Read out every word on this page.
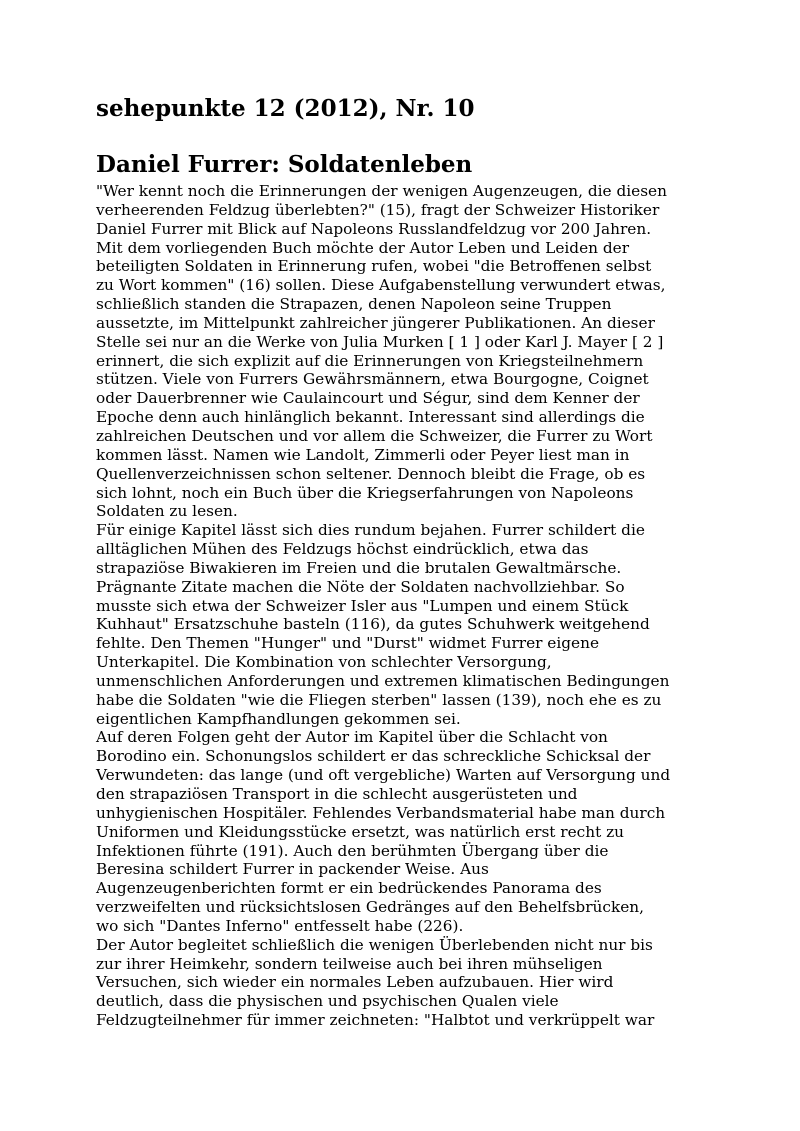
sehepunkte 12 (2012), Nr. 10
Daniel Furrer: Soldatenleben

"Wer kennt noch die Erinnerungen der wenigen Augenzeugen, die diesen
verheerenden Feldzug überlebten?" (15), fragt der Schweizer Historiker
Daniel Furrer mit Blick auf Napoleons Russlandfeldzug vor 200 Jahren.
Mit dem vorliegenden Buch möchte der Autor Leben und Leiden der
beteiligten Soldaten in Erinnerung rufen, wobei "die Betroffenen selbst
zu Wort kommen" (16) sollen. Diese Aufgabenstellung verwundert etwas,
schließlich standen die Strapazen, denen Napoleon seine Truppen
aussetzte, im Mittelpunkt zahlreicher jüngerer Publikationen. An dieser
Stelle sei nur an die Werke von Julia Murken [ 1 ] oder Karl J. Mayer [ 2 ]
erinnert, die sich explizit auf die Erinnerungen von Kriegsteilnehmern
stützen. Viele von Furrers Gewährsmännern, etwa Bourgogne, Coignet
oder Dauerbrenner wie Caulaincourt und Ségur, sind dem Kenner der
Epoche denn auch hinlänglich bekannt. Interessant sind allerdings die
zahlreichen Deutschen und vor allem die Schweizer, die Furrer zu Wort
kommen lässt. Namen wie Landolt, Zimmerli oder Peyer liest man in
Quellenverzeichnissen schon seltener. Dennoch bleibt die Frage, ob es
sich lohnt, noch ein Buch über die Kriegserfahrungen von Napoleons
Soldaten zu lesen.

Für einige Kapitel lässt sich dies rundum bejahen. Furrer schildert die
alltäglichen Mühen des Feldzugs höchst eindrücklich, etwa das
strapaziöse Biwakieren im Freien und die brutalen Gewaltmärsche.
Prägnante Zitate machen die Nöte der Soldaten nachvollziehbar. So
musste sich etwa der Schweizer Isler aus "Lumpen und einem Stück
Kuhhaut" Ersatzschuhe basteln (116), da gutes Schuhwerk weitgehend
fehlte. Den Themen "Hunger" und "Durst" widmet Furrer eigene
Unterkapitel. Die Kombination von schlechter Versorgung,
unmenschlichen Anforderungen und extremen klimatischen Bedingungen
habe die Soldaten "wie die Fliegen sterben" lassen (139), noch ehe es zu
eigentlichen Kampfhandlungen gekommen sei.

Auf deren Folgen geht der Autor im Kapitel über die Schlacht von
Borodino ein. Schonungslos schildert er das schreckliche Schicksal der
Verwundeten: das lange (und oft vergebliche) Warten auf Versorgung und
den strapaziösen Transport in die schlecht ausgerüsteten und
unhygienischen Hospitäler. Fehlendes Verbandsmaterial habe man durch
Uniformen und Kleidungsstücke ersetzt, was natürlich erst recht zu
Infektionen führte (191). Auch den berühmten Übergang über die
Beresina schildert Furrer in packender Weise. Aus
Augenzeugenberichten formt er ein bedrückendes Panorama des
verzweifelten und rücksichtslosen Gedränges auf den Behelfsbrücken,
wo sich "Dantes Inferno" entfesselt habe (226).

Der Autor begleitet schließlich die wenigen Überlebenden nicht nur bis
zur ihrer Heimkehr, sondern teilweise auch bei ihren mühseligen
Versuchen, sich wieder ein normales Leben aufzubauen. Hier wird
deutlich, dass die physischen und psychischen Qualen viele
Feldzugteilnehmer für immer zeichneten: "Halbtot und verkrüppelt war
